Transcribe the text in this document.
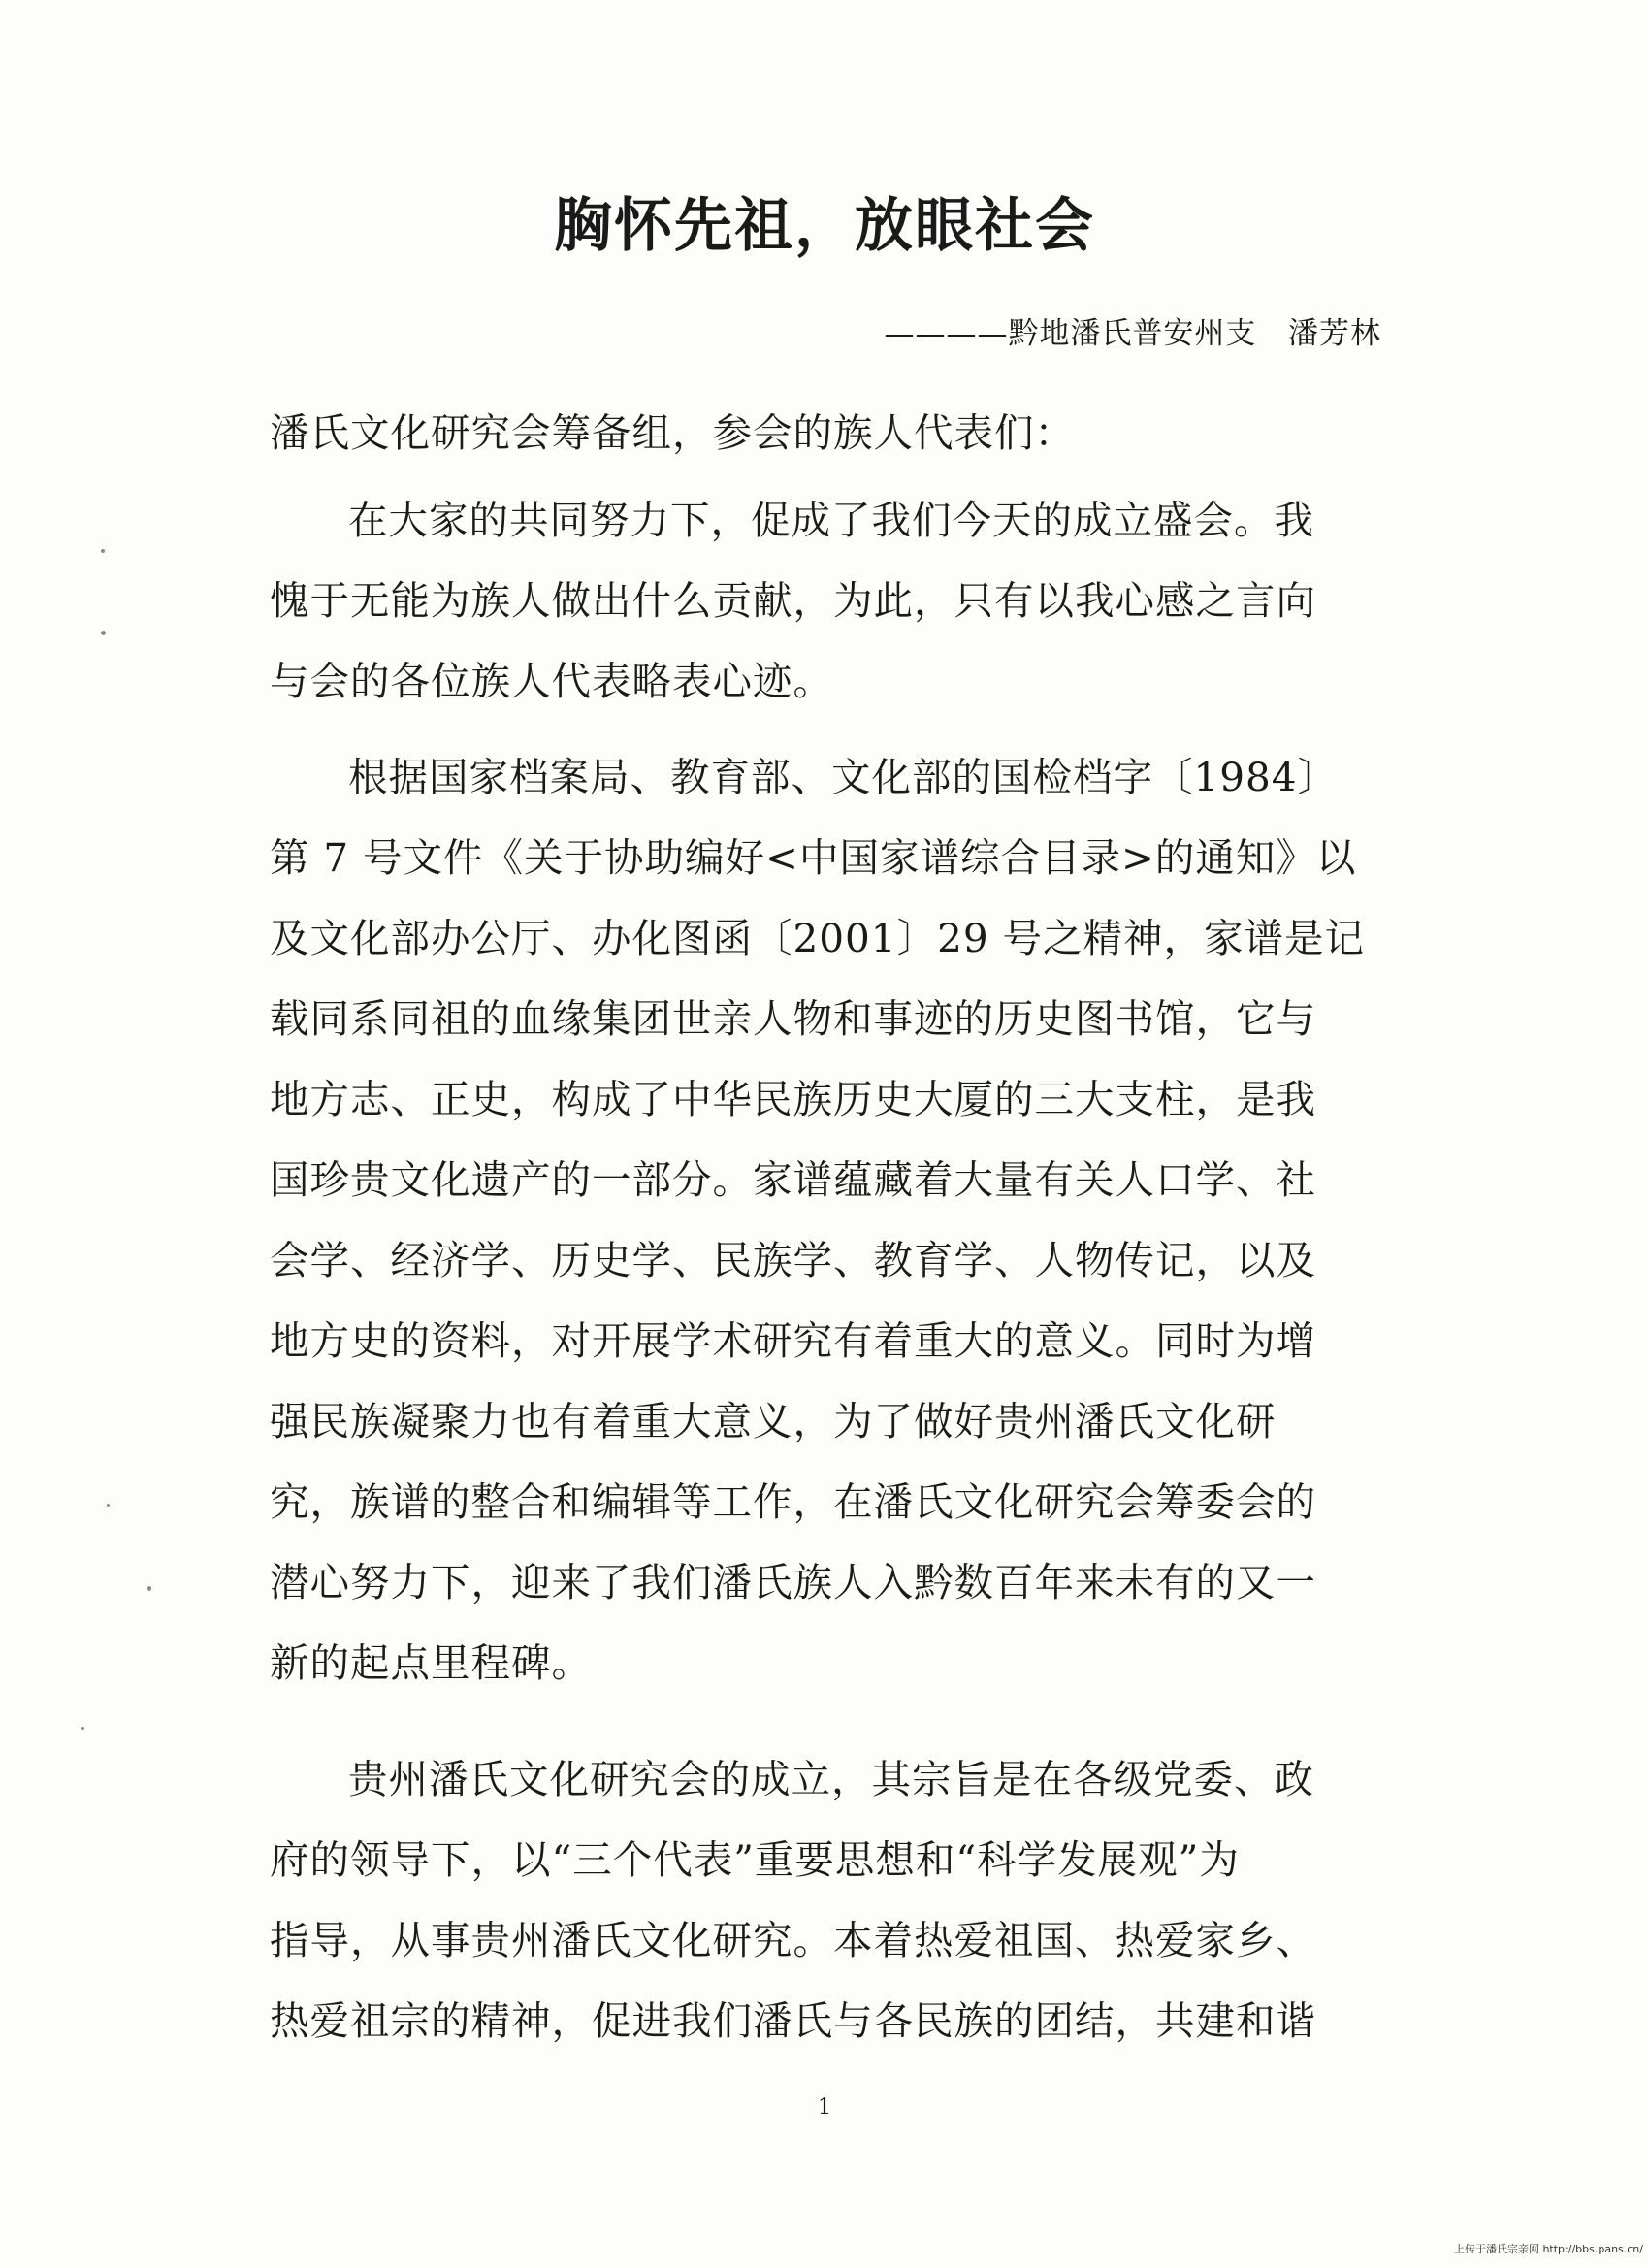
胸怀先祖，放眼社会
————黔地潘氏普安州支   潘芳林
潘氏文化研究会筹备组，参会的族人代表们：
在大家的共同努力下，促成了我们今天的成立盛会。我
愧于无能为族人做出什么贡献，为此，只有以我心感之言向
与会的各位族人代表略表心迹。
根据国家档案局、教育部、文化部的国检档字〔1984〕
第 7 号文件《关于协助编好<中国家谱综合目录>的通知》以
及文化部办公厅、办化图函〔2001〕29 号之精神，家谱是记
载同系同祖的血缘集团世亲人物和事迹的历史图书馆，它与
地方志、正史，构成了中华民族历史大厦的三大支柱，是我
国珍贵文化遗产的一部分。家谱蕴藏着大量有关人口学、社
会学、经济学、历史学、民族学、教育学、人物传记，以及
地方史的资料，对开展学术研究有着重大的意义。同时为增
强民族凝聚力也有着重大意义，为了做好贵州潘氏文化研
究，族谱的整合和编辑等工作，在潘氏文化研究会筹委会的
潜心努力下，迎来了我们潘氏族人入黔数百年来未有的又一
新的起点里程碑。
贵州潘氏文化研究会的成立，其宗旨是在各级党委、政
府的领导下，以“三个代表”重要思想和“科学发展观”为
指导，从事贵州潘氏文化研究。本着热爱祖国、热爱家乡、
热爱祖宗的精神，促进我们潘氏与各民族的团结，共建和谐
1
上传于潘氏宗亲网 http://bbs.pans.cn/
